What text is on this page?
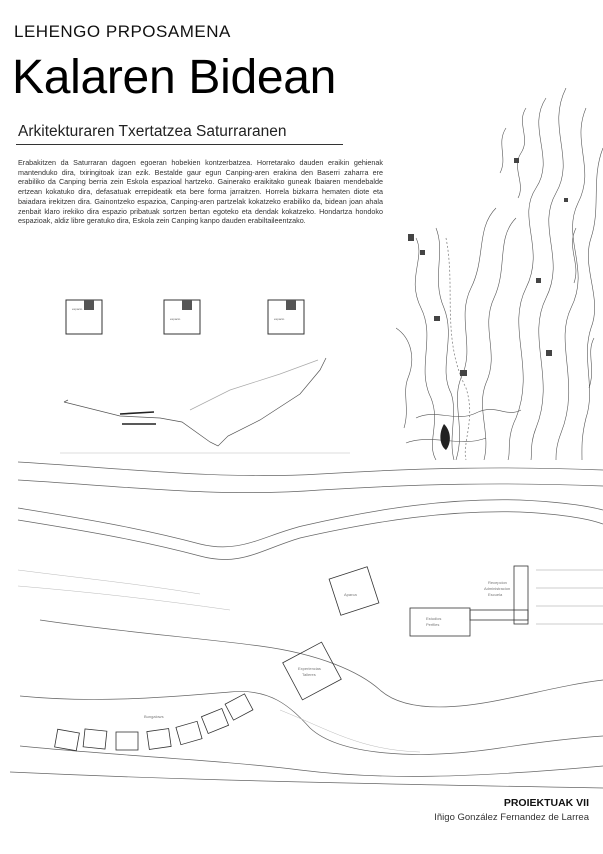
LEHENGO PRPOSAMENA
Kalaren Bidean
Arkitekturaren Txertatzea Saturraranen

Erabakitzen da Saturraran dagoen egoeran hobekien kontzerbatzea. Horretarako dauden eraikin gehienak mantenduko dira, txiringitoak izan ezik. Bestalde gaur egun Canping-aren erakina den Baserri zaharra ere erabiliko da Canping berria zein Eskola espazioal hartzeko. Gainerako eraikitako guneak Ibaiaren mendebalde ertzean kokatuko dira, defasatuak errepideatik eta bere forma jarraitzen. Horrela bizkarra hematen diote eta baiadara irekitzen dira. Gainontzeko espazioa, Canping-aren partzelak kokatzeko erabiliko da, bidean joan ahala zenbait klaro irekiko dira espazio pribatuak sortzen bertan egoteko eta dendak kokatzeko. Hondartza hondoko espazioak, aldiz libre geratuko dira, Eskola zein Canping kanpo dauden erabiltaileentzako.

espacio
espacio	espacio
Aparca
Recepcion
Administracion
Escuela
Estudios
Perfiles
Experiencias
Talleres
Bungalows
PROIEKTUAK VII
Iñigo González Fernandez de Larrea
